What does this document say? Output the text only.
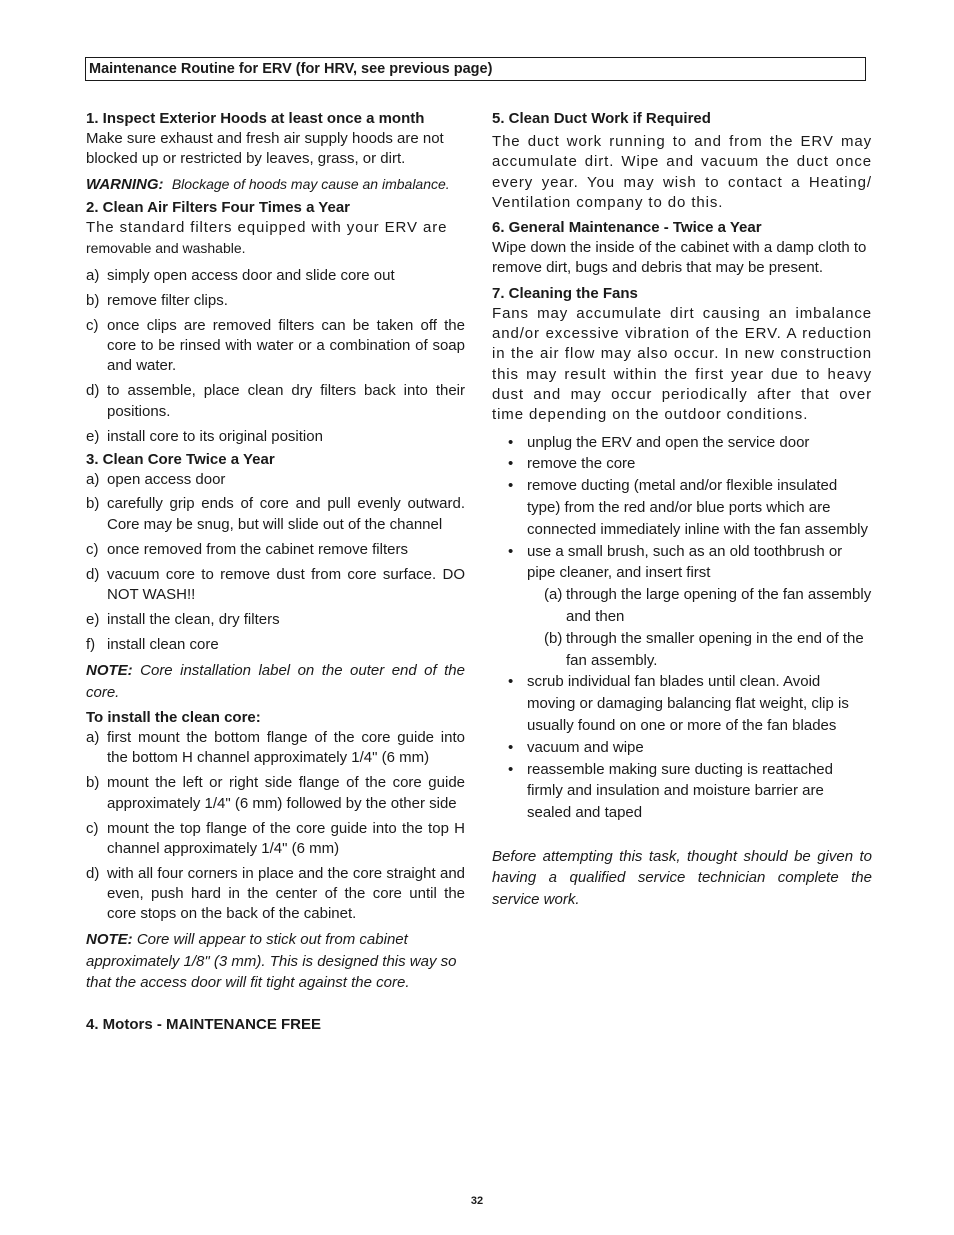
Maintenance Routine for ERV (for HRV, see previous page)

1. Inspect Exterior Hoods at least once a month

Make sure exhaust and fresh air supply hoods are not blocked up or restricted by leaves, grass, or dirt.

WARNING: Blockage of hoods may cause an imbalance.

2. Clean Air Filters Four Times a Year

The standard filters equipped with your ERV are

removable and washable.

a) simply open access door and slide core out
b) remove filter clips.
c) once clips are removed filters can be taken off the core to be rinsed with water or a combination of soap and water.
d) to assemble, place clean dry filters back into their positions.
e) install core to its original position

3. Clean Core Twice a Year

a) open access door
b) carefully grip ends of core and pull evenly outward. Core may be snug, but will slide out of the channel
c) once removed from the cabinet remove filters
d) vacuum core to remove dust from core surface. DO NOT WASH!!
e) install the clean, dry filters
f) install clean core

NOTE: Core installation label on the outer end of the core.

To install the clean core:

a) first mount the bottom flange of the core guide into the bottom H channel approximately 1/4" (6 mm)
b) mount the left or right side flange of the core guide approximately 1/4" (6 mm) followed by the other side
c) mount the top flange of the core guide into the top H channel approximately 1/4" (6 mm)
d) with all four corners in place and the core straight and even, push hard in the center of the core until the core stops on the back of the cabinet.

NOTE: Core will appear to stick out from cabinet approximately 1/8" (3 mm). This is designed this way so that the access door will fit tight against the core.

4. Motors - MAINTENANCE FREE

5. Clean Duct Work if Required

The duct work running to and from the ERV may accumulate dirt. Wipe and vacuum the duct once every year. You may wish to contact a Heating/ Ventilation company to do this.

6. General Maintenance - Twice a Year

Wipe down the inside of the cabinet with a damp cloth to remove dirt, bugs and debris that may be present.

7. Cleaning the Fans

Fans may accumulate dirt causing an imbalance and/or excessive vibration of the ERV. A reduction in the air flow may also occur. In new construction this may result within the first year due to heavy dust and may occur periodically after that over time depending on the outdoor conditions.

• unplug the ERV and open the service door
• remove the core
• remove ducting (metal and/or flexible insulated type) from the red and/or blue ports which are connected immediately inline with the fan assembly
• use a small brush, such as an old toothbrush or pipe cleaner, and insert first
(a) through the large opening of the fan assembly and then
(b) through the smaller opening in the end of the fan assembly.
• scrub individual fan blades until clean. Avoid moving or damaging balancing flat weight, clip is usually found on one or more of the fan blades
• vacuum and wipe
• reassemble making sure ducting is reattached firmly and insulation and moisture barrier are sealed and taped

Before attempting this task, thought should be given to having a qualified service technician complete the service work.

32
